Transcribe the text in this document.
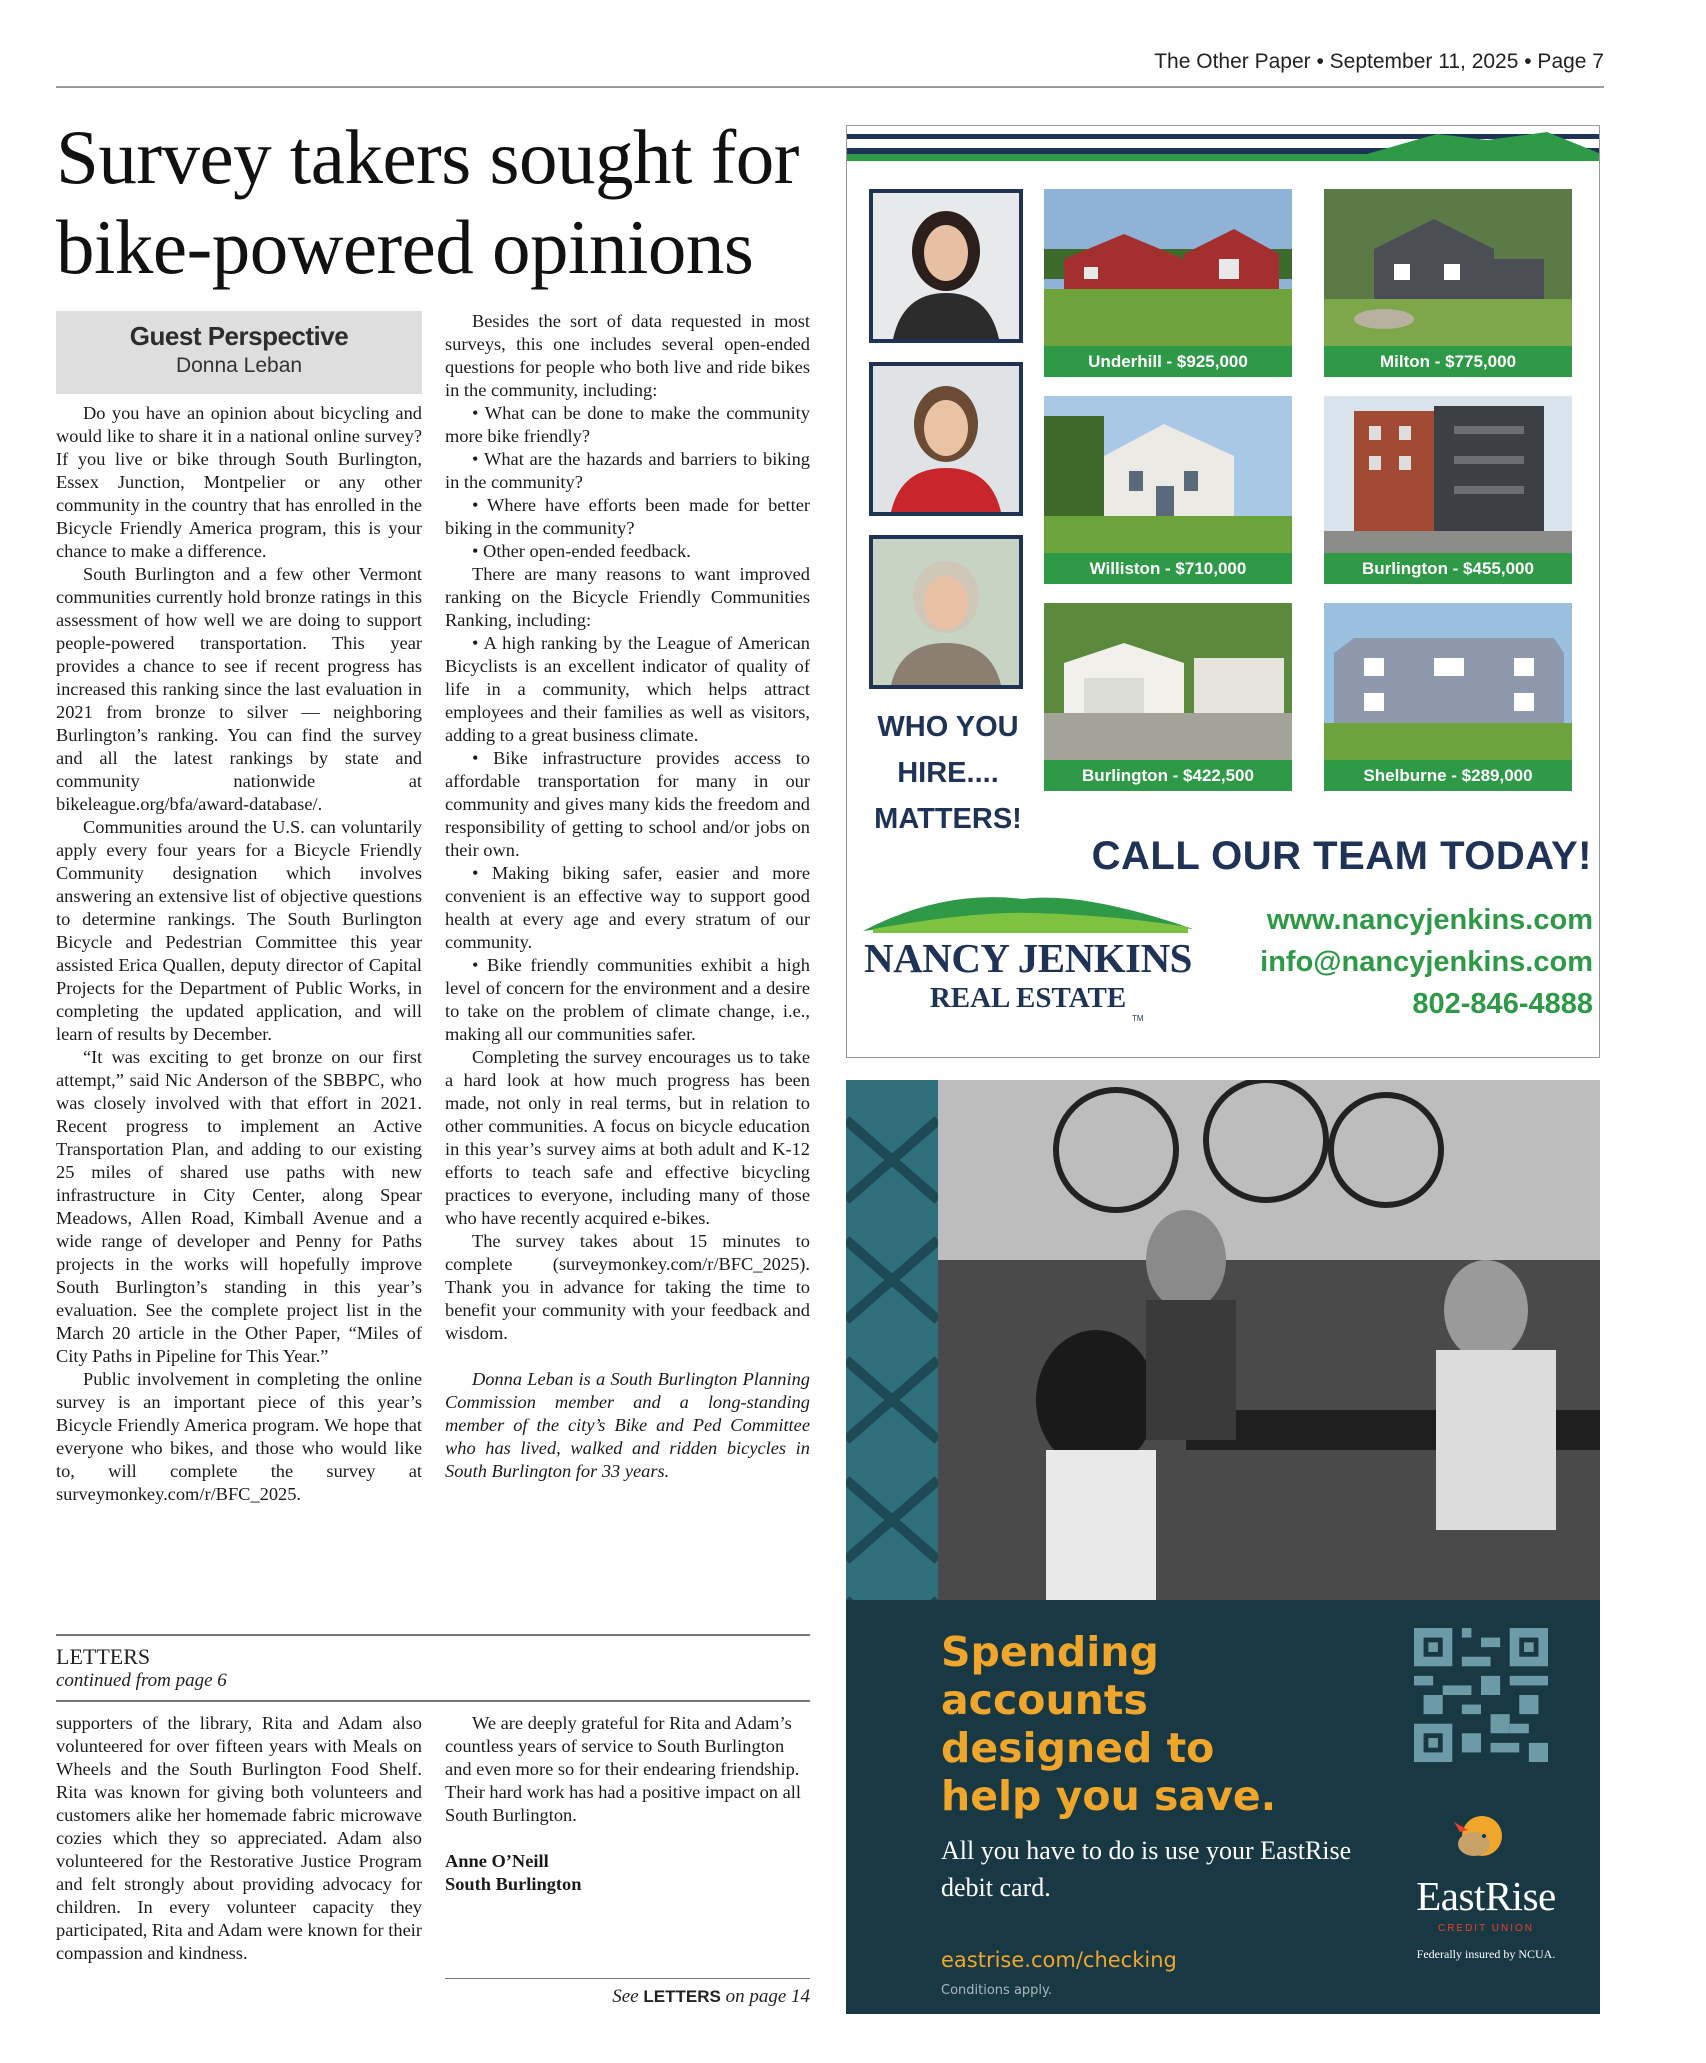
The Other Paper • September 11, 2025 • Page 7
Survey takers sought for
bike-powered opinions
Guest Perspective
Donna Leban

Do you have an opinion about bicycling and would like to share it in a national online survey? If you live or bike through South Burlington, Essex Junction, Montpelier or any other community in the country that has enrolled in the Bicycle Friendly America program, this is your chance to make a difference.

South Burlington and a few other Vermont communities currently hold bronze ratings in this assessment of how well we are doing to support people-powered transportation. This year provides a chance to see if recent progress has increased this ranking since the last evaluation in 2021 from bronze to silver — neighboring Burlington’s ranking. You can find the survey and all the latest rankings by state and community nationwide at bikeleague.org/bfa/award-database/.

Communities around the U.S. can voluntarily apply every four years for a Bicycle Friendly Community designation which involves answering an extensive list of objective questions to determine rankings. The South Burlington Bicycle and Pedestrian Committee this year assisted Erica Quallen, deputy director of Capital Projects for the Department of Public Works, in completing the updated application, and will learn of results by December.

“It was exciting to get bronze on our first attempt,” said Nic Anderson of the SBBPC, who was closely involved with that effort in 2021. Recent progress to implement an Active Transportation Plan, and adding to our existing 25 miles of shared use paths with new infrastructure in City Center, along Spear Meadows, Allen Road, Kimball Avenue and a wide range of developer and Penny for Paths projects in the works will hopefully improve South Burlington’s standing in this year’s evaluation. See the complete project list in the March 20 article in the Other Paper, “Miles of City Paths in Pipeline for This Year.”

Public involvement in completing the online survey is an important piece of this year’s Bicycle Friendly America program. We hope that everyone who bikes, and those who would like to, will complete the survey at surveymonkey.com/r/BFC_2025.

Besides the sort of data requested in most surveys, this one includes several open-ended questions for people who both live and ride bikes in the community, including:

• What can be done to make the community more bike friendly?

• What are the hazards and barriers to biking in the community?

• Where have efforts been made for better biking in the community?

• Other open-ended feedback.

There are many reasons to want improved ranking on the Bicycle Friendly Communities Ranking, including:

• A high ranking by the League of American Bicyclists is an excellent indicator of quality of life in a community, which helps attract employees and their families as well as visitors, adding to a great business climate.

• Bike infrastructure provides access to affordable transportation for many in our community and gives many kids the freedom and responsibility of getting to school and/or jobs on their own.

• Making biking safer, easier and more convenient is an effective way to support good health at every age and every stratum of our community.

• Bike friendly communities exhibit a high level of concern for the environment and a desire to take on the problem of climate change, i.e., making all our communities safer.

Completing the survey encourages us to take a hard look at how much progress has been made, not only in real terms, but in relation to other communities. A focus on bicycle education in this year’s survey aims at both adult and K-12 efforts to teach safe and effective bicycling practices to everyone, including many of those who have recently acquired e-bikes.

The survey takes about 15 minutes to complete (surveymonkey.com/r/BFC_2025). Thank you in advance for taking the time to benefit your community with your feedback and wisdom.

Donna Leban is a South Burlington Planning Commission member and a long-standing member of the city’s Bike and Ped Committee who has lived, walked and ridden bicycles in South Burlington for 33 years.

LETTERS
continued from page 6

supporters of the library, Rita and Adam also volunteered for over fifteen years with Meals on Wheels and the South Burlington Food Shelf. Rita was known for giving both volunteers and customers alike her homemade fabric microwave cozies which they so appreciated. Adam also volunteered for the Restorative Justice Program and felt strongly about providing advocacy for children. In every volunteer capacity they participated, Rita and Adam were known for their compassion and kindness.

We are deeply grateful for Rita and Adam’s countless years of service to South Burlington and even more so for their endearing friendship. Their hard work has had a positive impact on all South Burlington.

Anne O’Neill

South Burlington

See LETTERS on page 14
Underhill - $925,000	Milton - $775,000
Williston - $710,000	Burlington - $455,000
Burlington - $422,500	Shelburne - $289,000
WHO YOU
HIRE....
MATTERS!
CALL OUR TEAM TODAY!
NANCY JENKINS
REAL ESTATE
TM
www.nancyjenkins.com
info@nancyjenkins.com
802-846-4888
Spending
accounts
designed to
help you save.
All you have to do is use your EastRise debit card.
eastrise.com/checking
Conditions apply.
EastRise
CREDIT UNION
Federally insured by NCUA.
